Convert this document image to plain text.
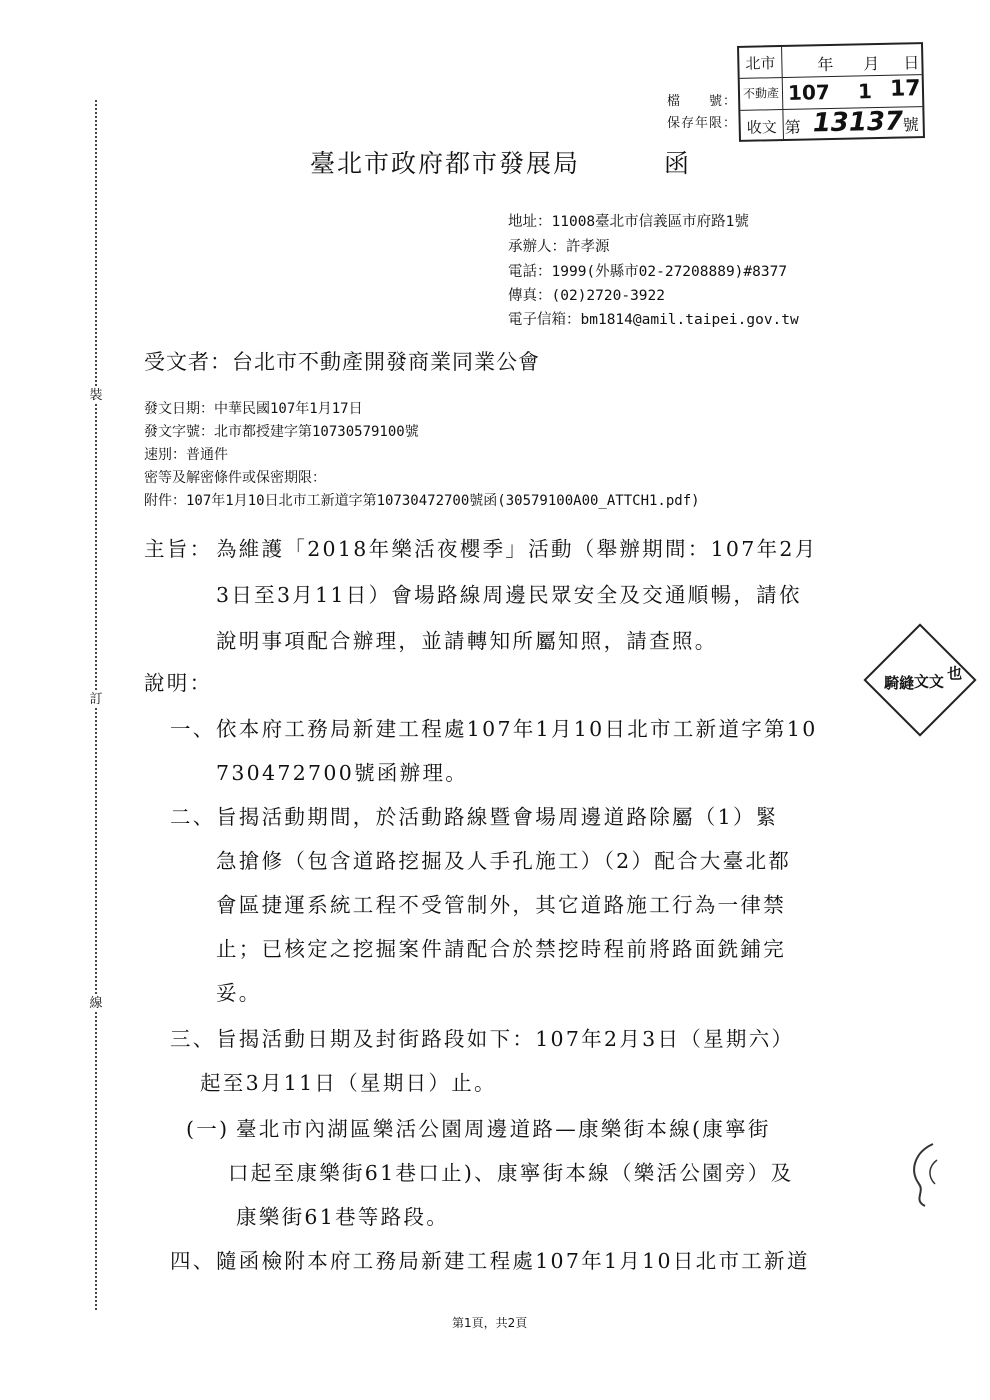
裝
訂
線
檔　　號：
保存年限：
北市
不動產
收文
年 月 日
107 1 17
第 13137 號
臺北市政府都市發展局	函
地址：11008臺北市信義區市府路1號
承辦人：許孝源
電話：1999(外縣市02-27208889)#8377
傳真：(02)2720-3922
電子信箱：bm1814@amil.taipei.gov.tw
受文者：台北市不動產開發商業同業公會
發文日期：中華民國107年1月17日
發文字號：北市都授建字第10730579100號
速別：普通件
密等及解密條件或保密期限：
附件：107年1月10日北市工新道字第10730472700號函(30579100A00_ATTCH1.pdf)
主旨： 為維護「2018年樂活夜櫻季」活動（舉辦期間：107年2月
3日至3月11日）會場路線周邊民眾安全及交通順暢，請依
說明事項配合辦理，並請轉知所屬知照，請查照。
說明：
一、 依本府工務局新建工程處107年1月10日北市工新道字第10
730472700號函辦理。
二、 旨揭活動期間，於活動路線暨會場周邊道路除屬（1）緊
急搶修（包含道路挖掘及人手孔施工）（2）配合大臺北都
會區捷運系統工程不受管制外，其它道路施工行為一律禁
止；已核定之挖掘案件請配合於禁挖時程前將路面銑鋪完
妥。
三、 旨揭活動日期及封街路段如下：107年2月3日（星期六）
起至3月11日（星期日）止。
(一) 臺北市內湖區樂活公園周邊道路—康樂街本線(康寧街
口起至康樂街61巷口止)、康寧街本線（樂活公園旁）及
康樂街61巷等路段。
四、 隨函檢附本府工務局新建工程處107年1月10日北市工新道
也
文文
騎縫
第1頁，共2頁
